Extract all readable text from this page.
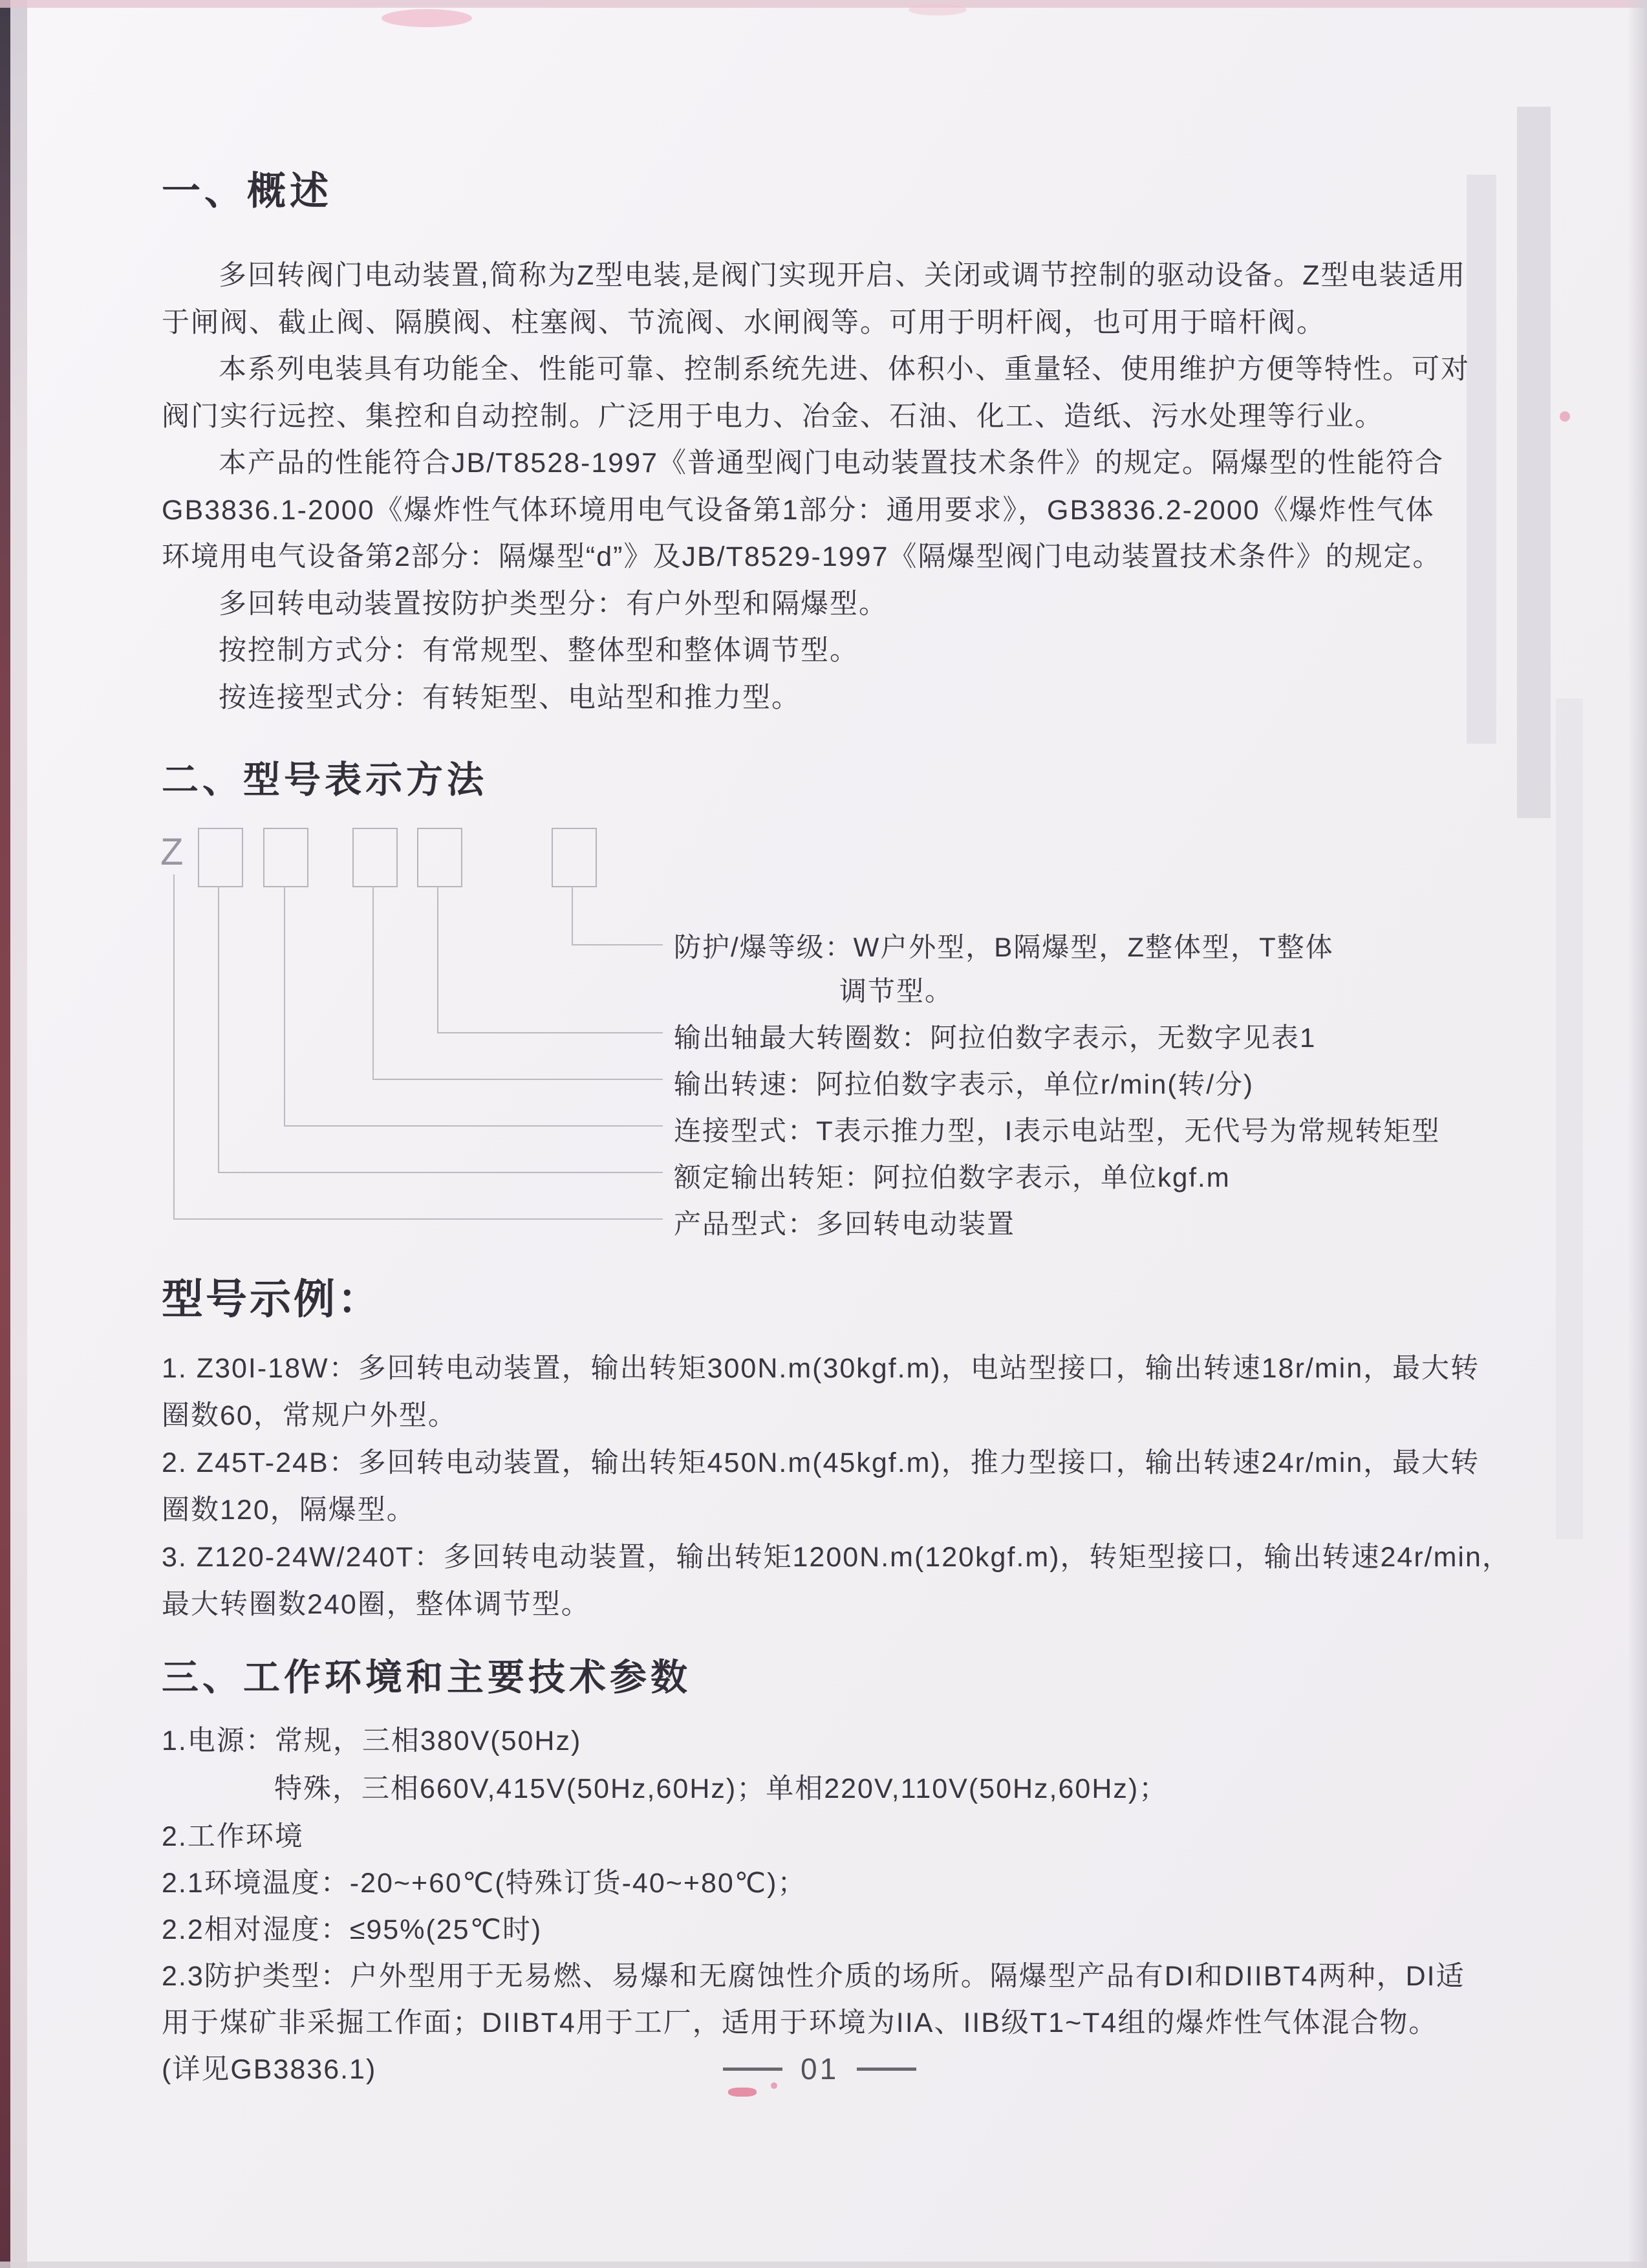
一、概述
多回转阀门电动装置,简称为Z型电装,是阀门实现开启、关闭或调节控制的驱动设备。Z型电装适用
于闸阀、截止阀、隔膜阀、柱塞阀、节流阀、水闸阀等。可用于明杆阀，也可用于暗杆阀。
本系列电装具有功能全、性能可靠、控制系统先进、体积小、重量轻、使用维护方便等特性。可对
阀门实行远控、集控和自动控制。广泛用于电力、冶金、石油、化工、造纸、污水处理等行业。
本产品的性能符合JB/T8528-1997《普通型阀门电动装置技术条件》的规定。隔爆型的性能符合
GB3836.1-2000《爆炸性气体环境用电气设备第1部分：通用要求》，GB3836.2-2000《爆炸性气体
环境用电气设备第2部分：隔爆型“d”》及JB/T8529-1997《隔爆型阀门电动装置技术条件》的规定。
多回转电动装置按防护类型分：有户外型和隔爆型。
按控制方式分：有常规型、整体型和整体调节型。
按连接型式分：有转矩型、电站型和推力型。
二、型号表示方法
Z
防护/爆等级：W户外型，B隔爆型，Z整体型，T整体
调节型。
输出轴最大转圈数：阿拉伯数字表示，无数字见表1
输出转速：阿拉伯数字表示，单位r/min(转/分)
连接型式：T表示推力型，I表示电站型，无代号为常规转矩型
额定输出转矩：阿拉伯数字表示，单位kgf.m
产品型式：多回转电动装置
型号示例：
1. Z30I-18W：多回转电动装置，输出转矩300N.m(30kgf.m)，电站型接口，输出转速18r/min，最大转
圈数60，常规户外型。
2. Z45T-24B：多回转电动装置，输出转矩450N.m(45kgf.m)，推力型接口，输出转速24r/min，最大转
圈数120，隔爆型。
3. Z120-24W/240T：多回转电动装置，输出转矩1200N.m(120kgf.m)，转矩型接口，输出转速24r/min，
最大转圈数240圈，整体调节型。
三、工作环境和主要技术参数
1.电源：常规，三相380V(50Hz)
特殊，三相660V,415V(50Hz,60Hz)；单相220V,110V(50Hz,60Hz)；
2.工作环境
2.1环境温度：-20~+60℃(特殊订货-40~+80℃)；
2.2相对湿度：≤95%(25℃时)
2.3防护类型：户外型用于无易燃、易爆和无腐蚀性介质的场所。隔爆型产品有DI和DIIBT4两种，DI适
用于煤矿非采掘工作面；DIIBT4用于工厂，适用于环境为IIA、IIB级T1~T4组的爆炸性气体混合物。
(详见GB3836.1)	01
